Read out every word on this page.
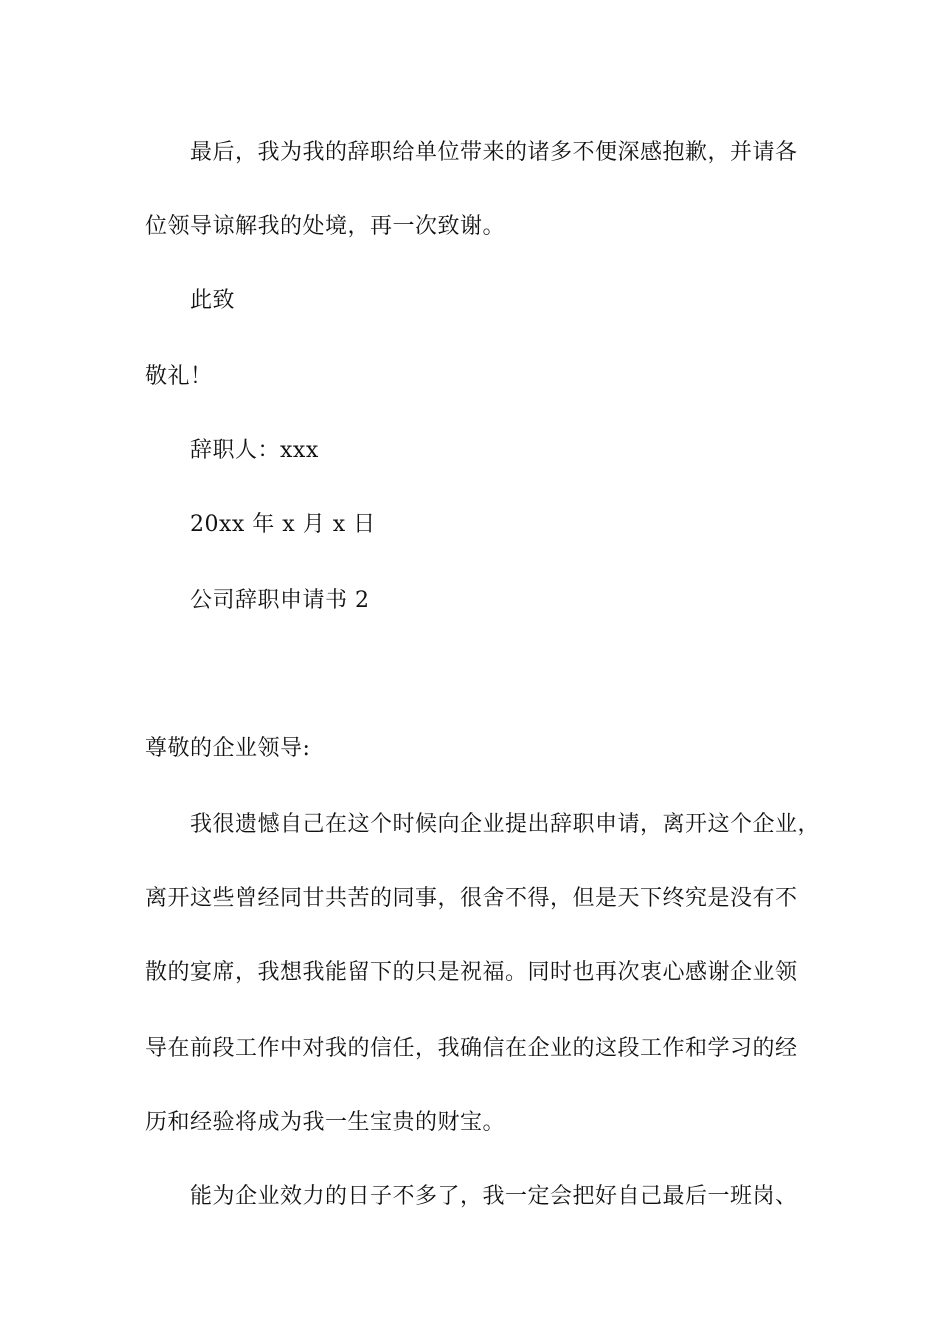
最后，我为我的辞职给单位带来的诸多不便深感抱歉，并请各
位领导谅解我的处境，再一次致谢。
此致
敬礼！
辞职人：xxx
20xx 年 x 月 x 日
公司辞职申请书 2
尊敬的企业领导:
我很遗憾自己在这个时候向企业提出辞职申请，离开这个企业，
离开这些曾经同甘共苦的同事，很舍不得，但是天下终究是没有不
散的宴席，我想我能留下的只是祝福。同时也再次衷心感谢企业领
导在前段工作中对我的信任，我确信在企业的这段工作和学习的经
历和经验将成为我一生宝贵的财宝。
能为企业效力的日子不多了，我一定会把好自己最后一班岗、
